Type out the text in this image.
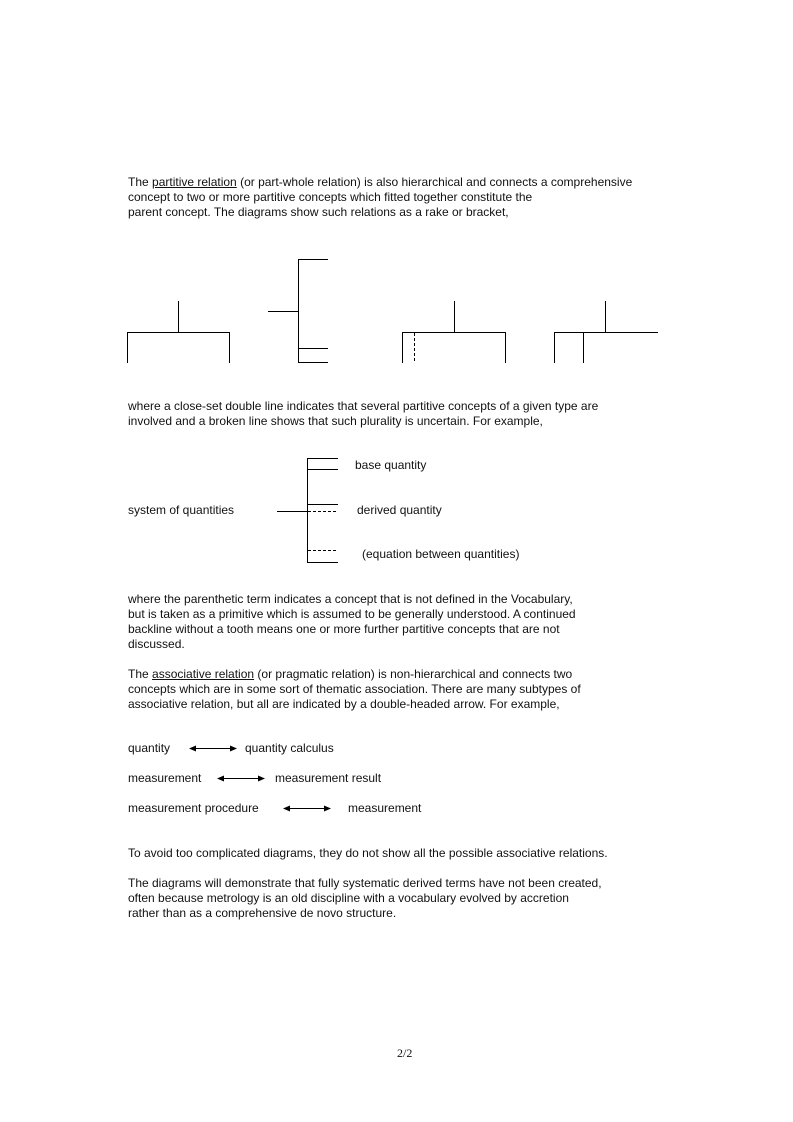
The partitive relation (or part-whole relation) is also hierarchical and connects a comprehensive
concept to two or more partitive concepts which fitted together constitute the
parent concept. The diagrams show such relations as a rake or bracket,
where a close-set double line indicates that several partitive concepts of a given type are
involved and a broken line shows that such plurality is uncertain. For example,
system of quantities
base quantity
derived quantity
(equation between quantities)
where the parenthetic term indicates a concept that is not defined in the Vocabulary,
but is taken as a primitive which is assumed to be generally understood. A continued
backline without a tooth means one or more further partitive concepts that are not
discussed.
The associative relation (or pragmatic relation) is non-hierarchical and connects two
concepts which are in some sort of thematic association. There are many subtypes of
associative relation, but all are indicated by a double-headed arrow. For example,
quantity	quantity calculus
measurement	measurement result
measurement procedure	measurement
To avoid too complicated diagrams, they do not show all the possible associative relations.
The diagrams will demonstrate that fully systematic derived terms have not been created,
often because metrology is an old discipline with a vocabulary evolved by accretion
rather than as a comprehensive de novo structure.
2/2
